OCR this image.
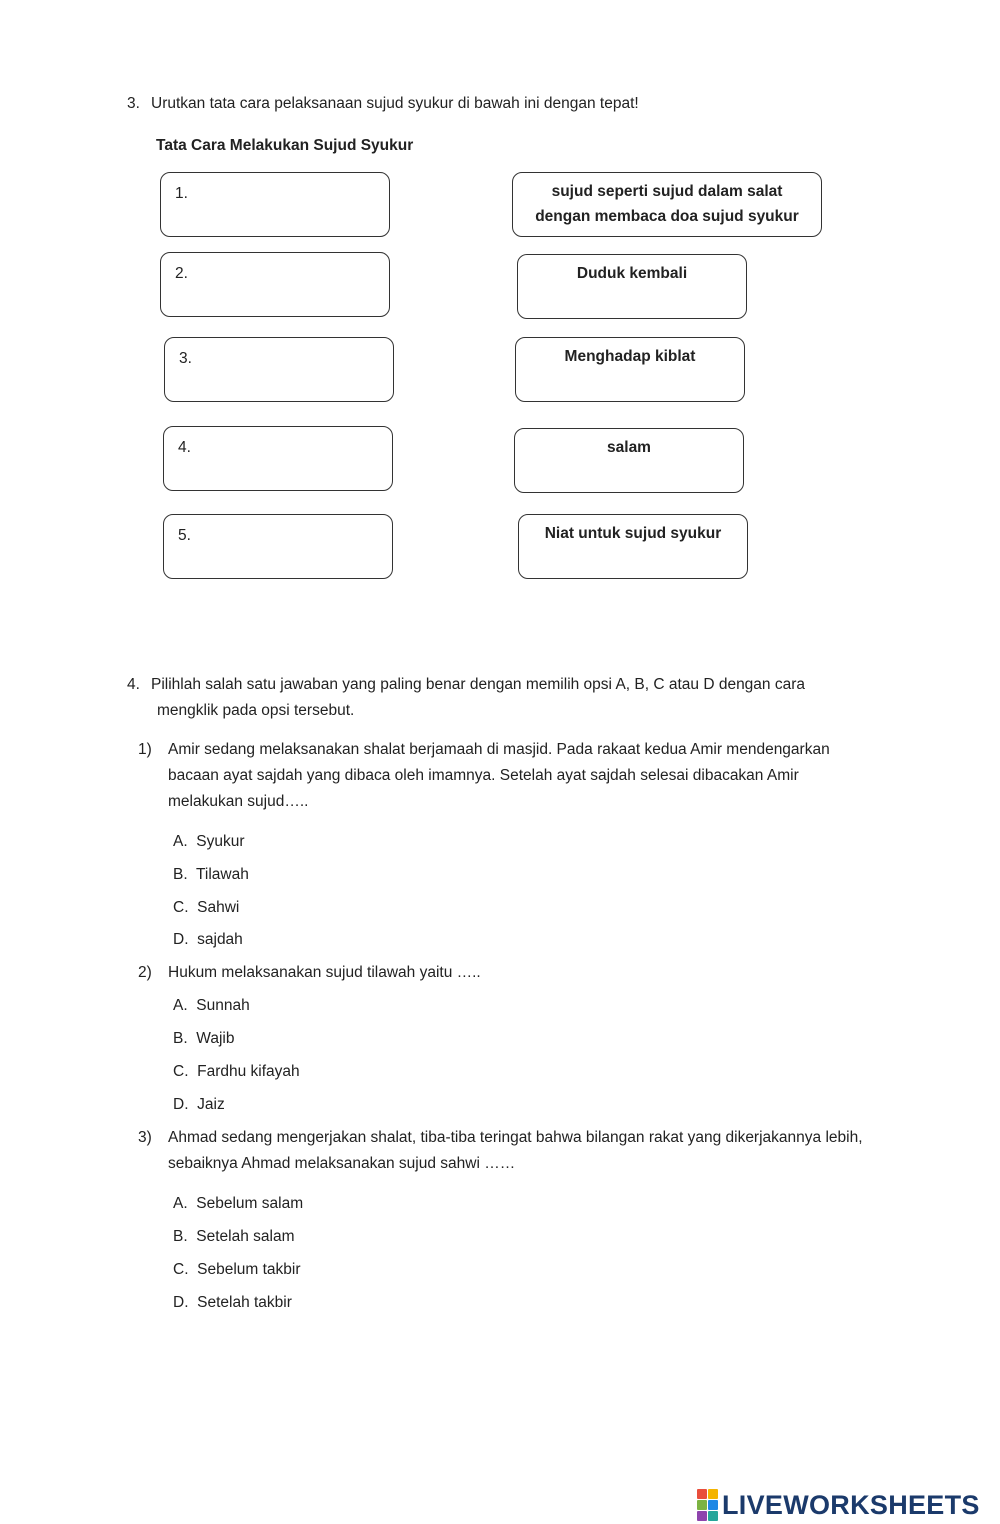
3. Urutkan tata cara pelaksanaan sujud syukur di bawah ini dengan tepat!
Tata Cara Melakukan Sujud Syukur
1.
2.
3.
4.
5.
sujud seperti sujud dalam salat
dengan membaca doa sujud syukur
Duduk kembali
Menghadap kiblat
salam
Niat untuk sujud syukur
4. Pilihlah salah satu jawaban yang paling benar dengan memilih opsi A, B, C atau D dengan cara
mengklik pada opsi tersebut.
1) Amir sedang melaksanakan shalat berjamaah di masjid. Pada rakaat kedua Amir mendengarkan
bacaan ayat sajdah yang dibaca oleh imamnya. Setelah ayat sajdah selesai dibacakan Amir
melakukan sujud…..
A. Syukur
B. Tilawah
C. Sahwi
D. sajdah
2) Hukum melaksanakan sujud tilawah yaitu …..
A. Sunnah
B. Wajib
C. Fardhu kifayah
D. Jaiz
3) Ahmad sedang mengerjakan shalat, tiba-tiba teringat bahwa bilangan rakat yang dikerjakannya lebih,
sebaiknya Ahmad melaksanakan sujud sahwi ……
A. Sebelum salam
B. Setelah salam
C. Sebelum takbir
D. Setelah takbir
LIVEWORKSHEETS
